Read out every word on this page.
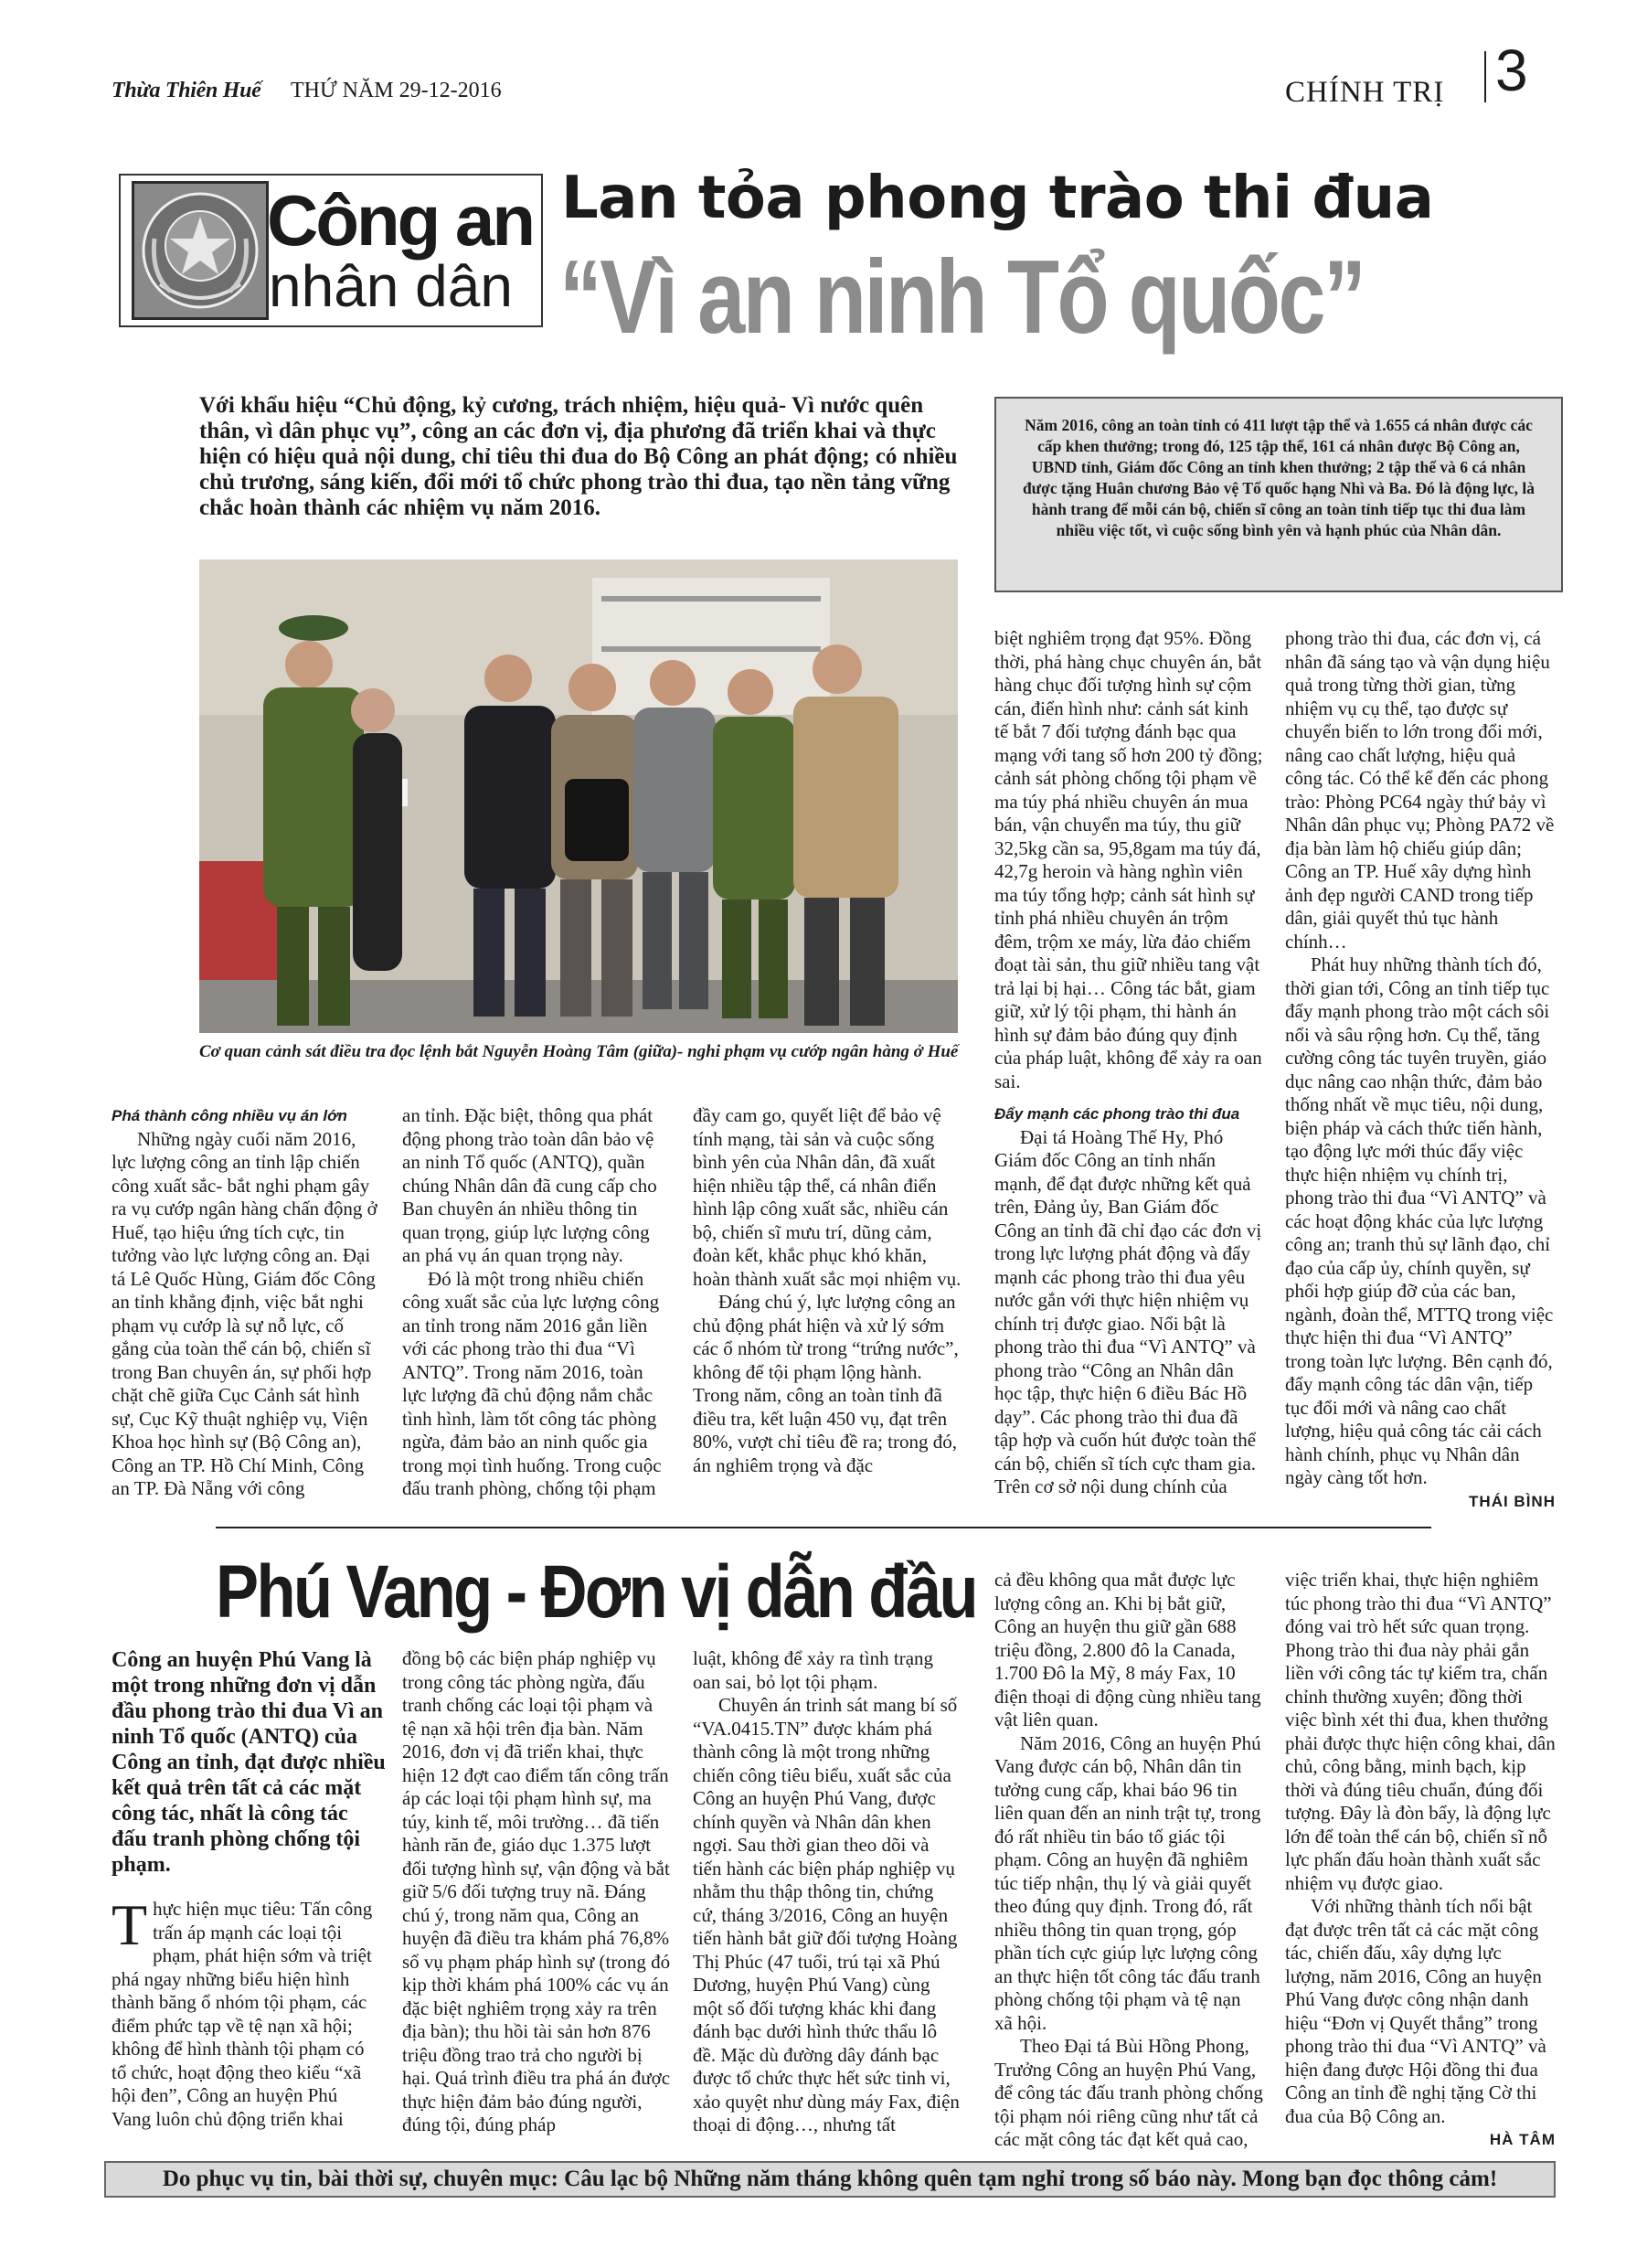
Thừa Thiên Huế THỨ NĂM 29-12-2016	CHÍNH TRỊ 3
Công an
nhân dân
Lan tỏa phong trào thi đua
“Vì an ninh Tổ quốc”
Với khẩu hiệu “Chủ động, kỷ cương, trách nhiệm, hiệu quả- Vì nước quên thân, vì dân phục vụ”, công an các đơn vị, địa phương đã triển khai và thực hiện có hiệu quả nội dung, chỉ tiêu thi đua do Bộ Công an phát động; có nhiều chủ trương, sáng kiến, đổi mới tổ chức phong trào thi đua, tạo nền tảng vững chắc hoàn thành các nhiệm vụ năm 2016.
Năm 2016, công an toàn tỉnh có 411 lượt tập thể và 1.655 cá nhân được các cấp khen thưởng; trong đó, 125 tập thể, 161 cá nhân được Bộ Công an, UBND tỉnh, Giám đốc Công an tỉnh khen thưởng; 2 tập thể và 6 cá nhân được tặng Huân chương Bảo vệ Tổ quốc hạng Nhì và Ba. Đó là động lực, là hành trang để mỗi cán bộ, chiến sĩ công an toàn tỉnh tiếp tục thi đua làm nhiều việc tốt, vì cuộc sống bình yên và hạnh phúc của Nhân dân.
Cơ quan cảnh sát điều tra đọc lệnh bắt Nguyễn Hoàng Tâm (giữa)- nghi phạm vụ cướp ngân hàng ở Huế

Phá thành công nhiều vụ án lớn

Những ngày cuối năm 2016, lực lượng công an tỉnh lập chiến công xuất sắc- bắt nghi phạm gây ra vụ cướp ngân hàng chấn động ở Huế, tạo hiệu ứng tích cực, tin tưởng vào lực lượng công an. Đại tá Lê Quốc Hùng, Giám đốc Công an tỉnh khẳng định, việc bắt nghi phạm vụ cướp là sự nỗ lực, cố gắng của toàn thể cán bộ, chiến sĩ trong Ban chuyên án, sự phối hợp chặt chẽ giữa Cục Cảnh sát hình sự, Cục Kỹ thuật nghiệp vụ, Viện Khoa học hình sự (Bộ Công an), Công an TP. Hồ Chí Minh, Công an TP. Đà Nẵng với công

an tỉnh. Đặc biệt, thông qua phát động phong trào toàn dân bảo vệ an ninh Tổ quốc (ANTQ), quần chúng Nhân dân đã cung cấp cho Ban chuyên án nhiều thông tin quan trọng, giúp lực lượng công an phá vụ án quan trọng này.

Đó là một trong nhiều chiến công xuất sắc của lực lượng công an tỉnh trong năm 2016 gắn liền với các phong trào thi đua “Vì ANTQ”. Trong năm 2016, toàn lực lượng đã chủ động nắm chắc tình hình, làm tốt công tác phòng ngừa, đảm bảo an ninh quốc gia trong mọi tình huống. Trong cuộc đấu tranh phòng, chống tội phạm

đầy cam go, quyết liệt để bảo vệ tính mạng, tài sản và cuộc sống bình yên của Nhân dân, đã xuất hiện nhiều tập thể, cá nhân điển hình lập công xuất sắc, nhiều cán bộ, chiến sĩ mưu trí, dũng cảm, đoàn kết, khắc phục khó khăn, hoàn thành xuất sắc mọi nhiệm vụ.

Đáng chú ý, lực lượng công an chủ động phát hiện và xử lý sớm các ổ nhóm từ trong “trứng nước”, không để tội phạm lộng hành. Trong năm, công an toàn tỉnh đã điều tra, kết luận 450 vụ, đạt trên 80%, vượt chỉ tiêu đề ra; trong đó, án nghiêm trọng và đặc

biệt nghiêm trọng đạt 95%. Đồng thời, phá hàng chục chuyên án, bắt hàng chục đối tượng hình sự cộm cán, điển hình như: cảnh sát kinh tế bắt 7 đối tượng đánh bạc qua mạng với tang số hơn 200 tỷ đồng; cảnh sát phòng chống tội phạm về ma túy phá nhiều chuyên án mua bán, vận chuyển ma túy, thu giữ 32,5kg cần sa, 95,8gam ma túy đá, 42,7g heroin và hàng nghìn viên ma túy tổng hợp; cảnh sát hình sự tỉnh phá nhiều chuyên án trộm đêm, trộm xe máy, lừa đảo chiếm đoạt tài sản, thu giữ nhiều tang vật trả lại bị hại… Công tác bắt, giam giữ, xử lý tội phạm, thi hành án hình sự đảm bảo đúng quy định của pháp luật, không để xảy ra oan sai.

Đẩy mạnh các phong trào thi đua

Đại tá Hoàng Thế Hy, Phó Giám đốc Công an tỉnh nhấn mạnh, để đạt được những kết quả trên, Đảng ủy, Ban Giám đốc Công an tỉnh đã chỉ đạo các đơn vị trong lực lượng phát động và đẩy mạnh các phong trào thi đua yêu nước gắn với thực hiện nhiệm vụ chính trị được giao. Nổi bật là phong trào thi đua “Vì ANTQ” và phong trào “Công an Nhân dân học tập, thực hiện 6 điều Bác Hồ dạy”. Các phong trào thi đua đã tập hợp và cuốn hút được toàn thể cán bộ, chiến sĩ tích cực tham gia. Trên cơ sở nội dung chính của

phong trào thi đua, các đơn vị, cá nhân đã sáng tạo và vận dụng hiệu quả trong từng thời gian, từng nhiệm vụ cụ thể, tạo được sự chuyển biến to lớn trong đổi mới, nâng cao chất lượng, hiệu quả công tác. Có thể kể đến các phong trào: Phòng PC64 ngày thứ bảy vì Nhân dân phục vụ; Phòng PA72 về địa bàn làm hộ chiếu giúp dân; Công an TP. Huế xây dựng hình ảnh đẹp người CAND trong tiếp dân, giải quyết thủ tục hành chính…

Phát huy những thành tích đó, thời gian tới, Công an tỉnh tiếp tục đẩy mạnh phong trào một cách sôi nổi và sâu rộng hơn. Cụ thể, tăng cường công tác tuyên truyền, giáo dục nâng cao nhận thức, đảm bảo thống nhất về mục tiêu, nội dung, biện pháp và cách thức tiến hành, tạo động lực mới thúc đẩy việc thực hiện nhiệm vụ chính trị, phong trào thi đua “Vì ANTQ” và các hoạt động khác của lực lượng công an; tranh thủ sự lãnh đạo, chỉ đạo của cấp ủy, chính quyền, sự phối hợp giúp đỡ của các ban, ngành, đoàn thể, MTTQ trong việc thực hiện thi đua “Vì ANTQ” trong toàn lực lượng. Bên cạnh đó, đẩy mạnh công tác dân vận, tiếp tục đổi mới và nâng cao chất lượng, hiệu quả công tác cải cách hành chính, phục vụ Nhân dân ngày càng tốt hơn.

THÁI BÌNH

Phú Vang - Đơn vị dẫn đầu
Công an huyện Phú Vang là một trong những đơn vị dẫn đầu phong trào thi đua Vì an ninh Tổ quốc (ANTQ) của Công an tỉnh, đạt được nhiều kết quả trên tất cả các mặt công tác, nhất là công tác đấu tranh phòng chống tội phạm.

Thực hiện mục tiêu: Tấn công trấn áp mạnh các loại tội phạm, phát hiện sớm và triệt phá ngay những biểu hiện hình thành băng ổ nhóm tội phạm, các điểm phức tạp về tệ nạn xã hội; không để hình thành tội phạm có tổ chức, hoạt động theo kiểu “xã hội đen”, Công an huyện Phú Vang luôn chủ động triển khai

đồng bộ các biện pháp nghiệp vụ trong công tác phòng ngừa, đấu tranh chống các loại tội phạm và tệ nạn xã hội trên địa bàn. Năm 2016, đơn vị đã triển khai, thực hiện 12 đợt cao điểm tấn công trấn áp các loại tội phạm hình sự, ma túy, kinh tế, môi trường… đã tiến hành răn đe, giáo dục 1.375 lượt đối tượng hình sự, vận động và bắt giữ 5/6 đối tượng truy nã. Đáng chú ý, trong năm qua, Công an huyện đã điều tra khám phá 76,8% số vụ phạm pháp hình sự (trong đó kịp thời khám phá 100% các vụ án đặc biệt nghiêm trọng xảy ra trên địa bàn); thu hồi tài sản hơn 876 triệu đồng trao trả cho người bị hại. Quá trình điều tra phá án được thực hiện đảm bảo đúng người, đúng tội, đúng pháp

luật, không để xảy ra tình trạng oan sai, bỏ lọt tội phạm.

Chuyên án trinh sát mang bí số “VA.0415.TN” được khám phá thành công là một trong những chiến công tiêu biểu, xuất sắc của Công an huyện Phú Vang, được chính quyền và Nhân dân khen ngợi. Sau thời gian theo dõi và tiến hành các biện pháp nghiệp vụ nhằm thu thập thông tin, chứng cứ, tháng 3/2016, Công an huyện tiến hành bắt giữ đối tượng Hoàng Thị Phúc (47 tuổi, trú tại xã Phú Dương, huyện Phú Vang) cùng một số đối tượng khác khi đang đánh bạc dưới hình thức thẩu lô đề. Mặc dù đường dây đánh bạc được tổ chức thực hết sức tinh vi, xảo quyệt như dùng máy Fax, điện thoại di động…, nhưng tất

cả đều không qua mắt được lực lượng công an. Khi bị bắt giữ, Công an huyện thu giữ gần 688 triệu đồng, 2.800 đô la Canada, 1.700 Đô la Mỹ, 8 máy Fax, 10 điện thoại di động cùng nhiều tang vật liên quan.

Năm 2016, Công an huyện Phú Vang được cán bộ, Nhân dân tin tưởng cung cấp, khai báo 96 tin liên quan đến an ninh trật tự, trong đó rất nhiều tin báo tố giác tội phạm. Công an huyện đã nghiêm túc tiếp nhận, thụ lý và giải quyết theo đúng quy định. Trong đó, rất nhiều thông tin quan trọng, góp phần tích cực giúp lực lượng công an thực hiện tốt công tác đấu tranh phòng chống tội phạm và tệ nạn xã hội.

Theo Đại tá Bùi Hồng Phong, Trưởng Công an huyện Phú Vang, để công tác đấu tranh phòng chống tội phạm nói riêng cũng như tất cả các mặt công tác đạt kết quả cao,

việc triển khai, thực hiện nghiêm túc phong trào thi đua “Vì ANTQ” đóng vai trò hết sức quan trọng. Phong trào thi đua này phải gắn liền với công tác tự kiểm tra, chấn chỉnh thường xuyên; đồng thời việc bình xét thi đua, khen thưởng phải được thực hiện công khai, dân chủ, công bằng, minh bạch, kịp thời và đúng tiêu chuẩn, đúng đối tượng. Đây là đòn bẩy, là động lực lớn để toàn thể cán bộ, chiến sĩ nỗ lực phấn đấu hoàn thành xuất sắc nhiệm vụ được giao.

Với những thành tích nổi bật đạt được trên tất cả các mặt công tác, chiến đấu, xây dựng lực lượng, năm 2016, Công an huyện Phú Vang được công nhận danh hiệu “Đơn vị Quyết thắng” trong phong trào thi đua “Vì ANTQ” và hiện đang được Hội đồng thi đua Công an tỉnh đề nghị tặng Cờ thi đua của Bộ Công an.

HÀ TÂM

Do phục vụ tin, bài thời sự, chuyên mục: Câu lạc bộ Những năm tháng không quên tạm nghỉ trong số báo này. Mong bạn đọc thông cảm!
